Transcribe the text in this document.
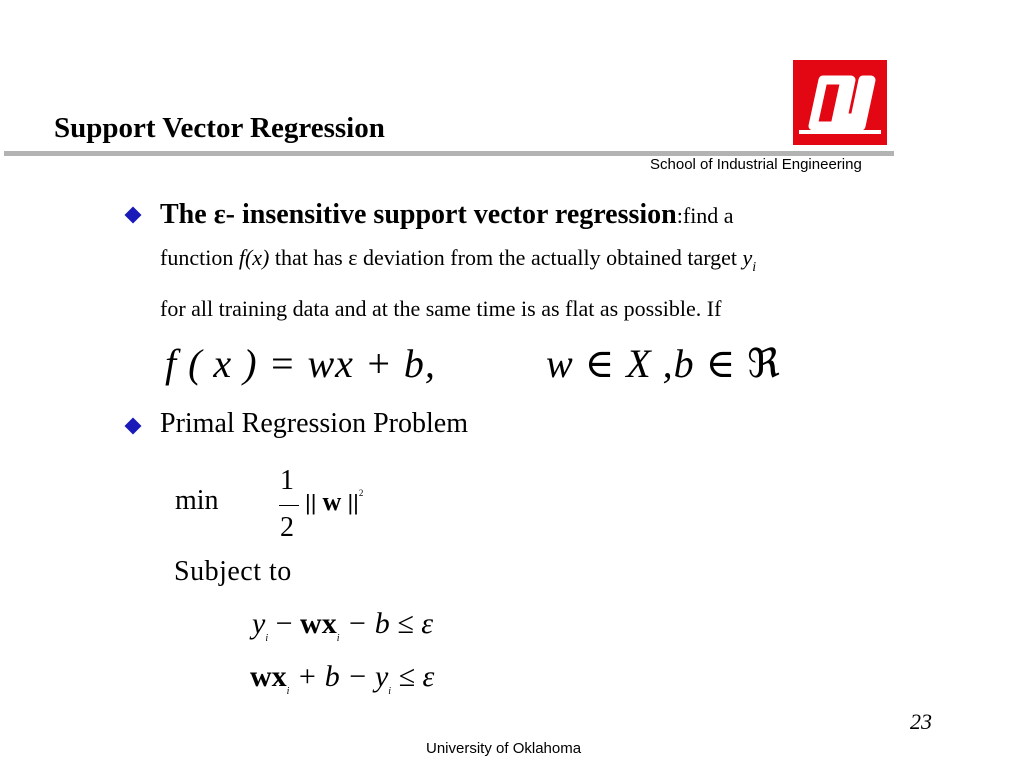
Support Vector Regression
School of Industrial Engineering
The ε- insensitive support vector regression:find a
function f(x) that has ε deviation from the actually obtained target $y_i$
for all training data and at the same time is as flat as possible. If
f ( x ) = wx + b,	w ∈ X ,b ∈ ℜ
Primal Regression Problem
min
1
2
|| w $||^2$
Subject to
$y_i - wx_i - b \le \varepsilon$
$wx_i + b - y_i \le \varepsilon$
23
University of Oklahoma
